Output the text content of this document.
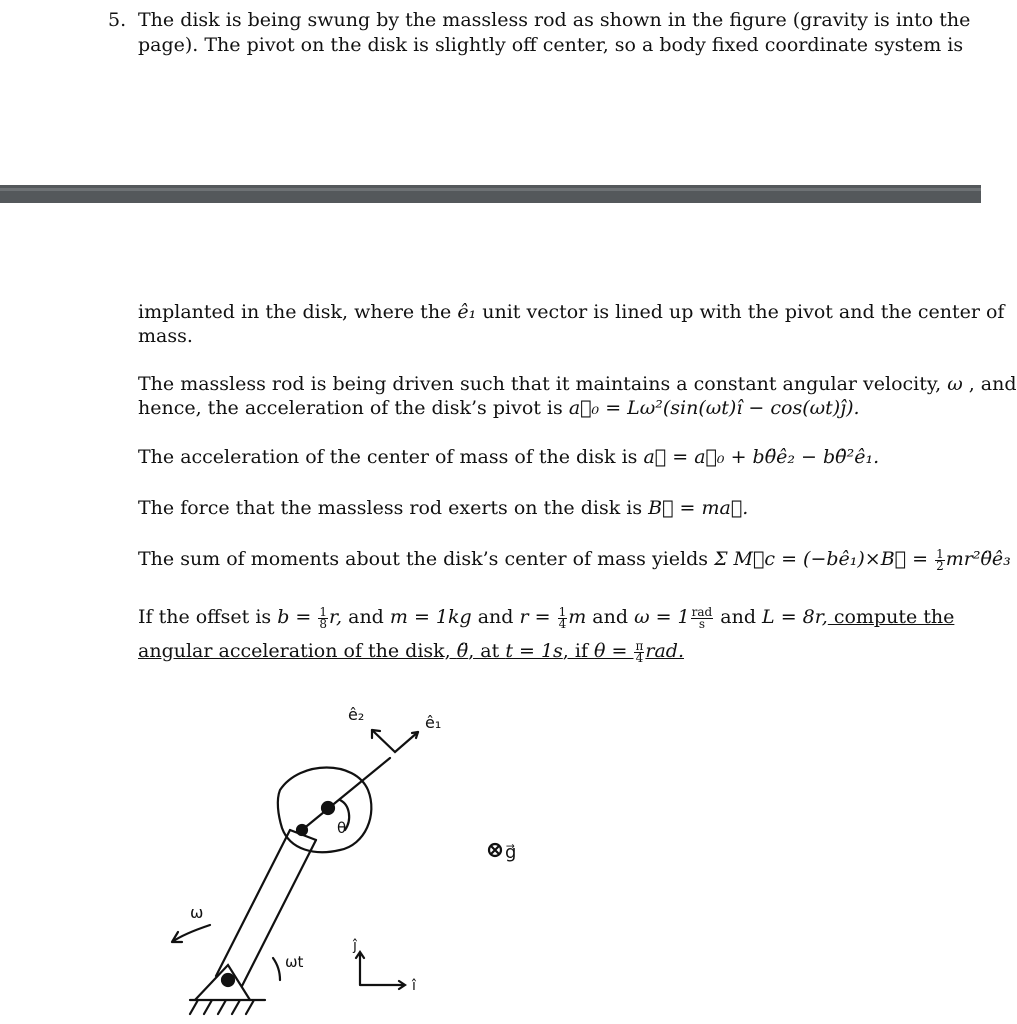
5. The disk is being swung by the massless rod as shown in the figure (gravity is into the
page). The pivot on the disk is slightly off center, so a body fixed coordinate system is
implanted in the disk, where the ê₁ unit vector is lined up with the pivot and the center of
mass.
The massless rod is being driven such that it maintains a constant angular velocity, ω , and
hence, the acceleration of the disk’s pivot is a⃗₀ = Lω²(sin(ωt)î − cos(ωt)ĵ).
The acceleration of the center of mass of the disk is a⃗ = a⃗₀ + bθ̈ê₂ − bθ̇²ê₁.
The force that the massless rod exerts on the disk is B⃗ = ma⃗.
The sum of moments about the disk’s center of mass yields Σ M⃗c = (−bê₁)×B⃗ = $\frac{1}{2}$ mr²θ̈ê₃
If the offset is $b = \frac{1}{8} r$, and m = 1kg and $r = \frac{1}{4}$ m and $\omega = 1 \frac{\text{rad}}{s}$ and L = 8r, compute the
angular acceleration of the disk, θ̈, at t = 1s, if $\theta = \frac{\pi}{4}$ rad.
θ
ê₂	ê₁
g⃗
ω
ωt
ĵ
î
